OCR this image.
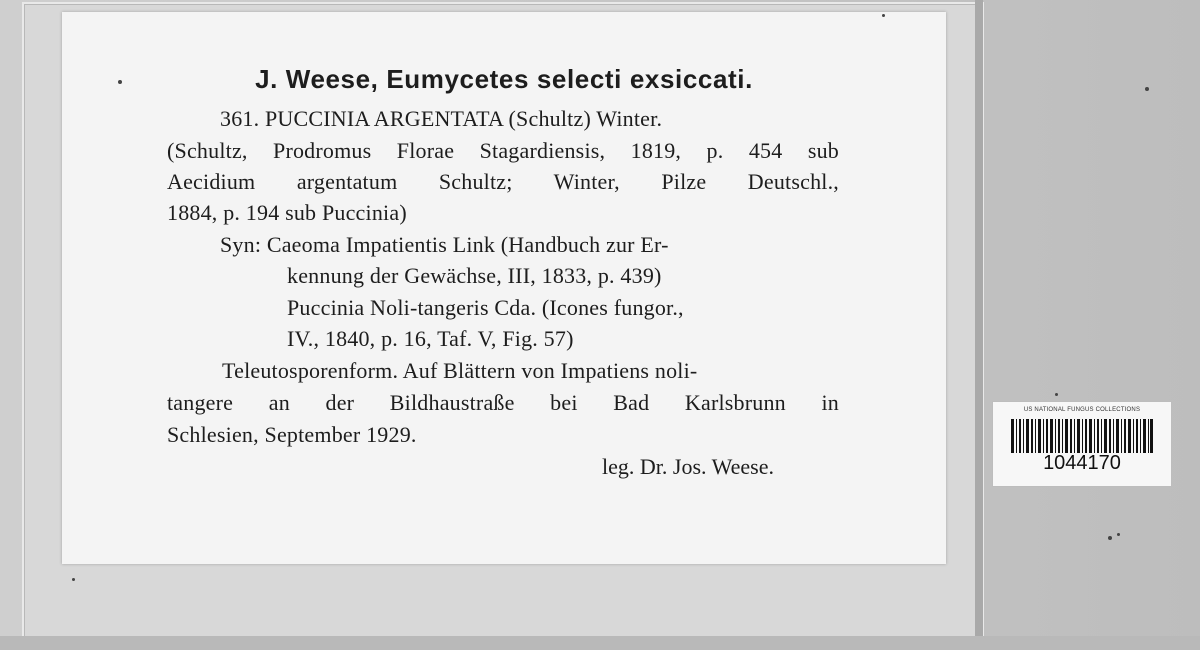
J. Weese, Eumycetes selecti exsiccati.
361. PUCCINIA ARGENTATA (Schultz) Winter.
(Schultz, Prodromus Florae Stagardiensis, 1819, p. 454 sub
Aecidium argentatum Schultz; Winter, Pilze Deutschl.,
1884, p. 194 sub Puccinia)
Syn: Caeoma Impatientis Link (Handbuch zur Er-
kennung der Gewächse, III, 1833, p. 439)
Puccinia Noli-tangeris Cda. (Icones fungor.,
IV., 1840, p. 16, Taf. V, Fig. 57)
Teleutosporenform. Auf Blättern von Impatiens noli-
tangere an der Bildhaustraße bei Bad Karlsbrunn in
Schlesien, September 1929.
leg. Dr. Jos. Weese.
US NATIONAL FUNGUS COLLECTIONS
1044170
